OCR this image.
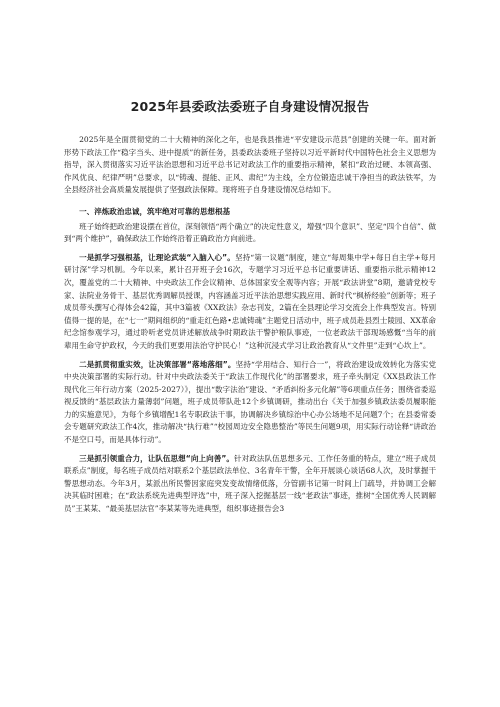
2025年县委政法委班子自身建设情况报告

2025年是全面贯彻党的二十大精神的深化之年，也是我县推进“平安建设示范县”创建的关键一年。面对新形势下政法工作“稳字当头、进中提质”的新任务，县委政法委班子坚持以习近平新时代中国特色社会主义思想为指导，深入贯彻落实习近平法治思想和习近平总书记对政法工作的重要指示精神，紧扣“政治过硬、本领高强、作风优良、纪律严明”总要求，以“铸魂、提能、正风、肃纪”为主线，全方位锻造忠诚干净担当的政法铁军，为全县经济社会高质量发展提供了坚强政法保障。现将班子自身建设情况总结如下。

一、淬炼政治忠诚，筑牢绝对可靠的思想根基

班子始终把政治建设摆在首位，深刻领悟“两个确立”的决定性意义，增强“四个意识”、坚定“四个自信”、做到“两个维护”，确保政法工作始终沿着正确政治方向前进。

一是抓学习强根基，让理论武装“入脑入心”。坚持“第一议题”制度，建立“每周集中学+每日自主学+每月研讨深”学习机制。今年以来，累计召开班子会16次，专题学习习近平总书记重要讲话、重要指示批示精神12次，覆盖党的二十大精神、中央政法工作会议精神、总体国家安全观等内容；开展“政法讲堂”8期，邀请党校专家、法院业务骨干、基层优秀调解员授课，内容涵盖习近平法治思想实践应用、新时代“枫桥经验”创新等；班子成员带头撰写心得体会42篇，其中3篇被《XX政法》杂志刊发，2篇在全县理论学习交流会上作典型发言。特别值得一提的是，在“七一”期间组织的“重走红色路•忠诚铸魂”主题党日活动中，班子成员赴县烈士陵园、XX革命纪念馆参观学习，通过聆听老党员讲述解放战争时期政法干警护粮队事迹，一位老政法干部现场感慨“当年的前辈用生命守护政权，今天的我们更要用法治守护民心！”这种沉浸式学习让政治教育从“文件里”走到“心坎上”。

二是抓贯彻重实效，让决策部署“落地落细”。坚持“学用结合、知行合一”，将政治建设成效转化为落实党中央决策部署的实际行动。针对中央政法委关于“政法工作现代化”的部署要求，班子牵头制定《XX县政法工作现代化三年行动方案（2025-2027）》，提出“数字法治”建设、“矛盾纠纷多元化解”等6项重点任务；围绕省委巡视反馈的“基层政法力量薄弱”问题，班子成员带队赴12个乡镇调研，推动出台《关于加强乡镇政法委员履职能力的实施意见》，为每个乡镇增配1名专职政法干事，协调解决乡镇综治中心办公场地不足问题7个；在县委常委会专题研究政法工作4次，推动解决“执行难”“校园周边安全隐患整治”等民生问题9项，用实际行动诠释“讲政治不是空口号，而是具体行动”。

三是抓引领重合力，让队伍思想“向上向善”。针对政法队伍思想多元、工作任务重的特点，建立“班子成员联系点”制度，每名班子成员结对联系2个基层政法单位、3名青年干警，全年开展谈心谈话68人次，及时掌握干警思想动态。今年3月，某派出所民警因家庭突发变故情绪低落，分管副书记第一时间上门疏导，并协调工会解决其临时困难；在“政法系统先进典型评选”中，班子深入挖掘基层一线“老政法”事迹，推树“全国优秀人民调解员”王某某、“最美基层法官”李某某等先进典型，组织事迹报告会3
